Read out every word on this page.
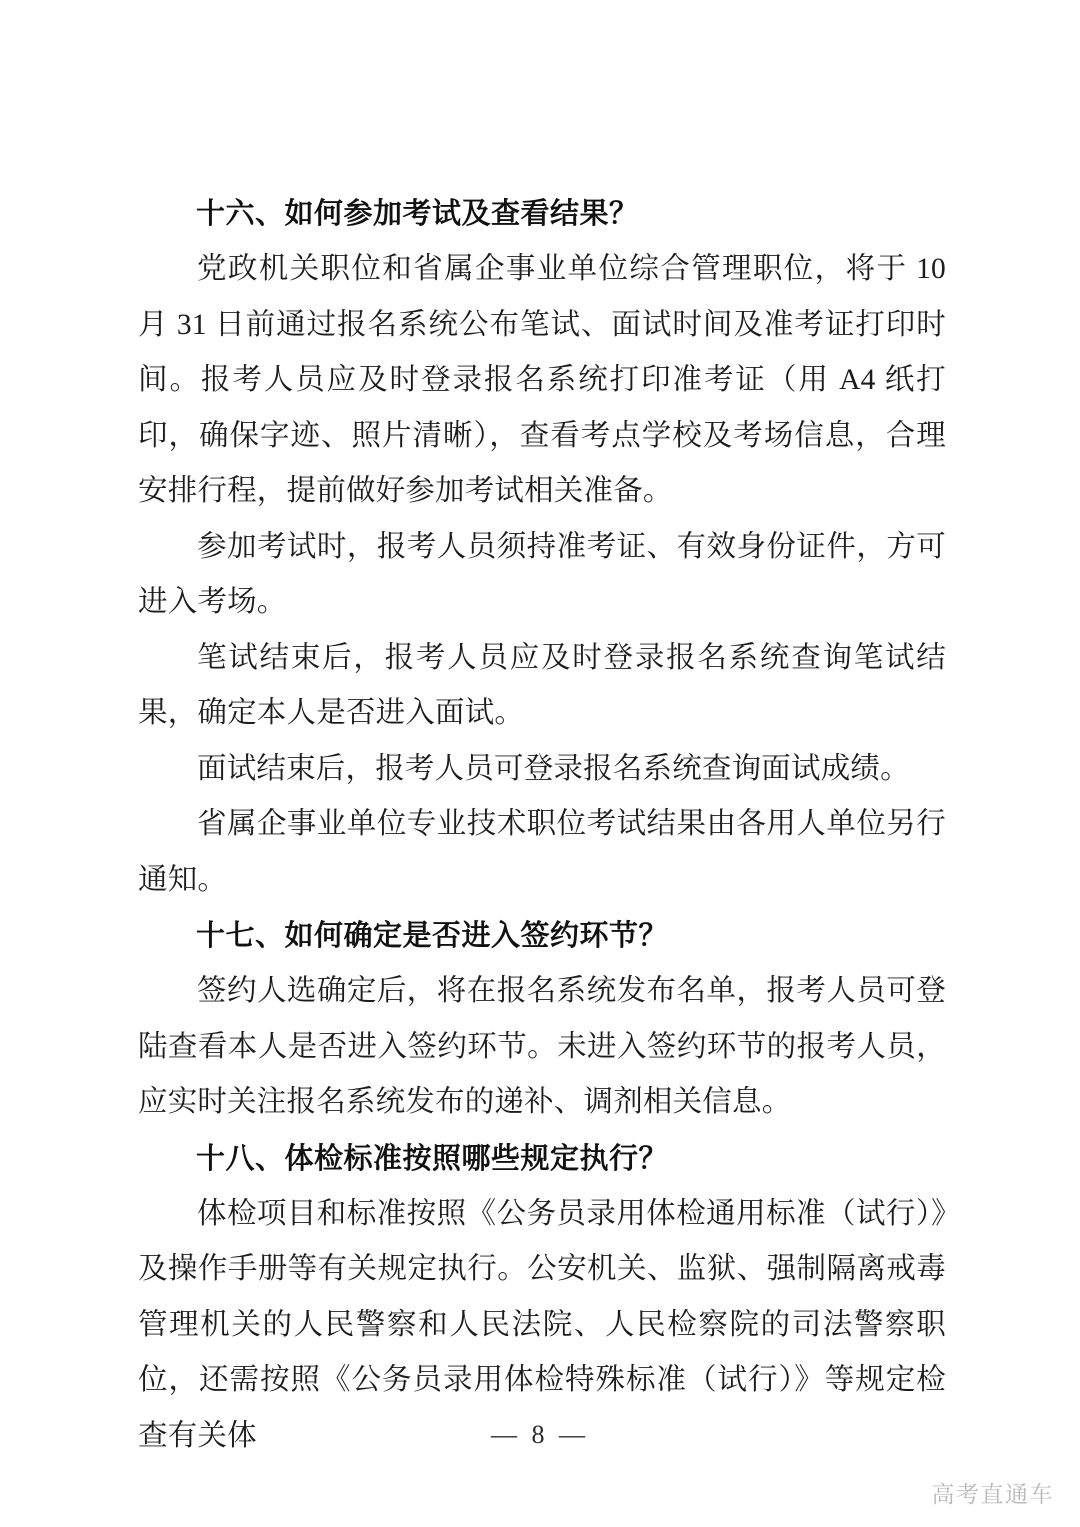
十六、如何参加考试及查看结果？

党政机关职位和省属企事业单位综合管理职位，将于 10 月 31 日前通过报名系统公布笔试、面试时间及准考证打印时间。报考人员应及时登录报名系统打印准考证（用 A4 纸打印，确保字迹、照片清晰），查看考点学校及考场信息，合理安排行程，提前做好参加考试相关准备。

参加考试时，报考人员须持准考证、有效身份证件，方可进入考场。

笔试结束后，报考人员应及时登录报名系统查询笔试结果，确定本人是否进入面试。

面试结束后，报考人员可登录报名系统查询面试成绩。

省属企事业单位专业技术职位考试结果由各用人单位另行通知。

十七、如何确定是否进入签约环节？

签约人选确定后，将在报名系统发布名单，报考人员可登陆查看本人是否进入签约环节。未进入签约环节的报考人员，应实时关注报名系统发布的递补、调剂相关信息。

十八、体检标准按照哪些规定执行？

体检项目和标准按照《公务员录用体检通用标准（试行）》及操作手册等有关规定执行。公安机关、监狱、强制隔离戒毒管理机关的人民警察和人民法院、人民检察院的司法警察职位，还需按照《公务员录用体检特殊标准（试行）》等规定检查有关体	— 8 —
高考直通车
